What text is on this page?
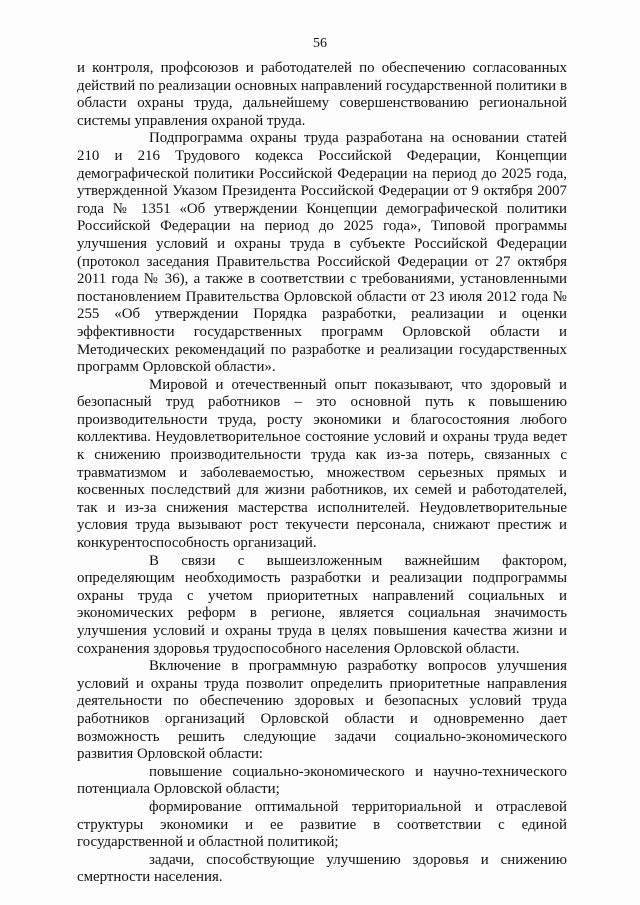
56

и контроля, профсоюзов и работодателей по обеспечению согласованных действий по реализации основных направлений государственной политики в области охраны труда, дальнейшему совершенствованию региональной системы управления охраной труда.

Подпрограмма охраны труда разработана на основании статей 210 и 216 Трудового кодекса Российской Федерации, Концепции демографической политики Российской Федерации на период до 2025 года, утвержденной Указом Президента Российской Федерации от 9 октября 2007 года № 1351 «Об утверждении Концепции демографической политики Российской Федерации на период до 2025 года», Типовой программы улучшения условий и охраны труда в субъекте Российской Федерации (протокол заседания Правительства Российской Федерации от 27 октября 2011 года № 36), а также в соответствии с требованиями, установленными постановлением Правительства Орловской области от 23 июля 2012 года № 255 «Об утверждении Порядка разработки, реализации и оценки эффективности государственных программ Орловской области и Методических рекомендаций по разработке и реализации государственных программ Орловской области».

Мировой и отечественный опыт показывают, что здоровый и безопасный труд работников – это основной путь к повышению производительности труда, росту экономики и благосостояния любого коллектива. Неудовлетворительное состояние условий и охраны труда ведет к снижению производительности труда как из-за потерь, связанных с травматизмом и заболеваемостью, множеством серьезных прямых и косвенных последствий для жизни работников, их семей и работодателей, так и из-за снижения мастерства исполнителей. Неудовлетворительные условия труда вызывают рост текучести персонала, снижают престиж и конкурентоспособность организаций.

В связи с вышеизложенным важнейшим фактором, определяющим необходимость разработки и реализации подпрограммы охраны труда с учетом приоритетных направлений социальных и экономических реформ в регионе, является социальная значимость улучшения условий и охраны труда в целях повышения качества жизни и сохранения здоровья трудоспособного населения Орловской области.

Включение в программную разработку вопросов улучшения условий и охраны труда позволит определить приоритетные направления деятельности по обеспечению здоровых и безопасных условий труда работников организаций Орловской области и одновременно дает возможность решить следующие задачи социально-экономического развития Орловской области:

повышение социально-экономического и научно-технического потенциала Орловской области;

формирование оптимальной территориальной и отраслевой структуры экономики и ее развитие в соответствии с единой государственной и областной политикой;

задачи, способствующие улучшению здоровья и снижению смертности населения.
